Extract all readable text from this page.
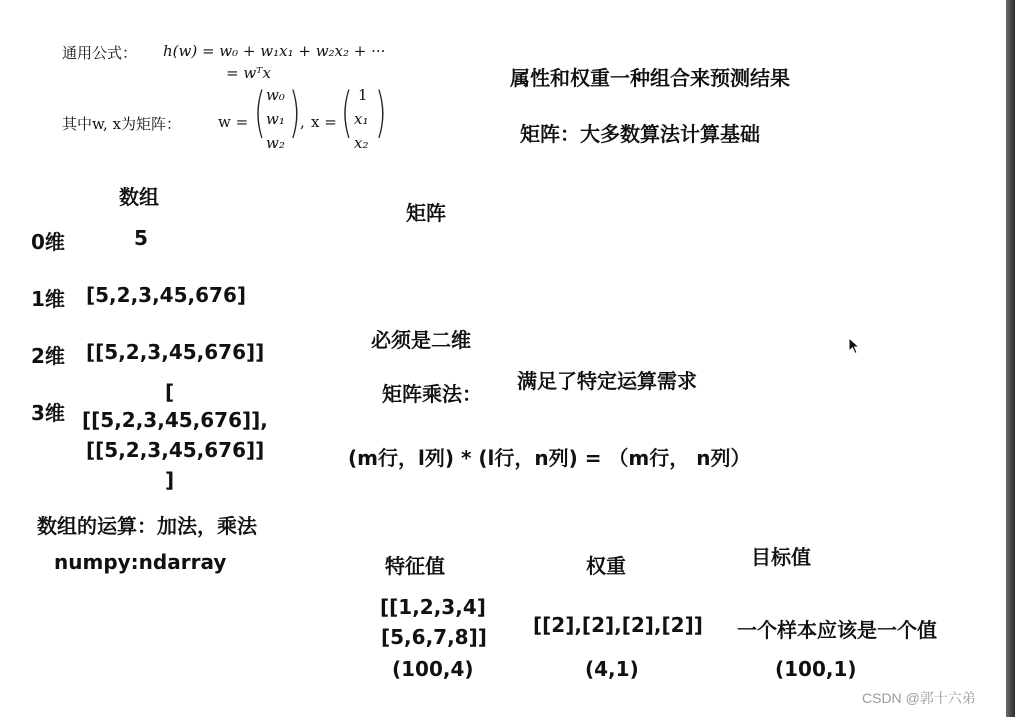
通用公式： h(w) = w₀ + w₁x₁ + w₂x₂ + ···
= wᵀx
其中w, x为矩阵： w = ( w₀
w₁
w₂ ) , x = ( 1
x₁
x₂ )
属性和权重一种组合来预测结果
矩阵：大多数算法计算基础
数组
0维	5
1维 [5,2,3,45,676]
2维 [[5,2,3,45,676]]
3维
[
[[5,2,3,45,676]],
[[5,2,3,45,676]]
]
数组的运算：加法，乘法
numpy:ndarray
矩阵
必须是二维
矩阵乘法：
满足了特定运算需求
(m行，l列) * (l行，n列) = （m行， n列）
特征值
[[1,2,3,4]
[5,6,7,8]]
(100,4)
权重
[[2],[2],[2],[2]]
(4,1)
目标值
一个样本应该是一个值
(100,1)
CSDN @郭十六弟
